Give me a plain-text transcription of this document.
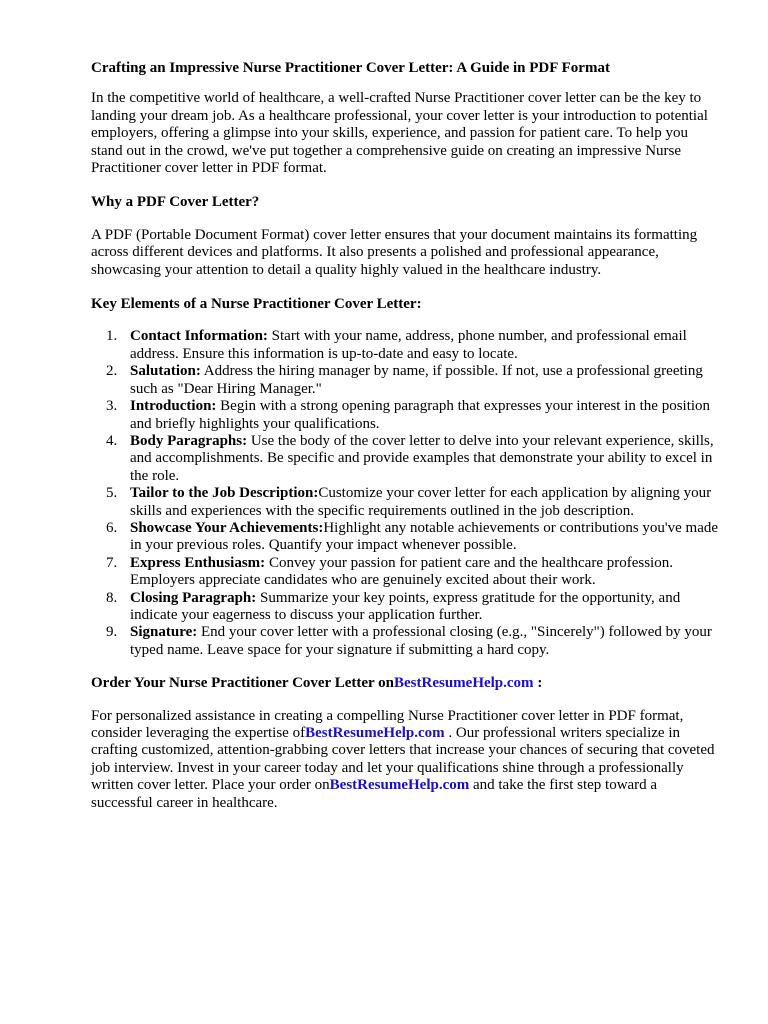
Crafting an Impressive Nurse Practitioner Cover Letter: A Guide in PDF Format

In the competitive world of healthcare, a well-crafted Nurse Practitioner cover letter can be the key to landing your dream job. As a healthcare professional, your cover letter is your introduction to potential employers, offering a glimpse into your skills, experience, and passion for patient care. To help you stand out in the crowd, we've put together a comprehensive guide on creating an impressive Nurse Practitioner cover letter in PDF format.

Why a PDF Cover Letter?

A PDF (Portable Document Format) cover letter ensures that your document maintains its formatting across different devices and platforms. It also presents a polished and professional appearance, showcasing your attention to detail a quality highly valued in the healthcare industry.

Key Elements of a Nurse Practitioner Cover Letter:
1. Contact Information: Start with your name, address, phone number, and professional email address. Ensure this information is up-to-date and easy to locate.
2. Salutation: Address the hiring manager by name, if possible. If not, use a professional greeting such as "Dear Hiring Manager."
3. Introduction: Begin with a strong opening paragraph that expresses your interest in the position and briefly highlights your qualifications.
4. Body Paragraphs: Use the body of the cover letter to delve into your relevant experience, skills, and accomplishments. Be specific and provide examples that demonstrate your ability to excel in the role.
5. Tailor to the Job Description:Customize your cover letter for each application by aligning your skills and experiences with the specific requirements outlined in the job description.
6. Showcase Your Achievements:Highlight any notable achievements or contributions you've made in your previous roles. Quantify your impact whenever possible.
7. Express Enthusiasm: Convey your passion for patient care and the healthcare profession. Employers appreciate candidates who are genuinely excited about their work.
8. Closing Paragraph: Summarize your key points, express gratitude for the opportunity, and indicate your eagerness to discuss your application further.
9. Signature: End your cover letter with a professional closing (e.g., "Sincerely") followed by your typed name. Leave space for your signature if submitting a hard copy.
Order Your Nurse Practitioner Cover Letter onBestResumeHelp.com :

For personalized assistance in creating a compelling Nurse Practitioner cover letter in PDF format, consider leveraging the expertise ofBestResumeHelp.com . Our professional writers specialize in crafting customized, attention-grabbing cover letters that increase your chances of securing that coveted job interview. Invest in your career today and let your qualifications shine through a professionally written cover letter. Place your order onBestResumeHelp.com and take the first step toward a successful career in healthcare.
